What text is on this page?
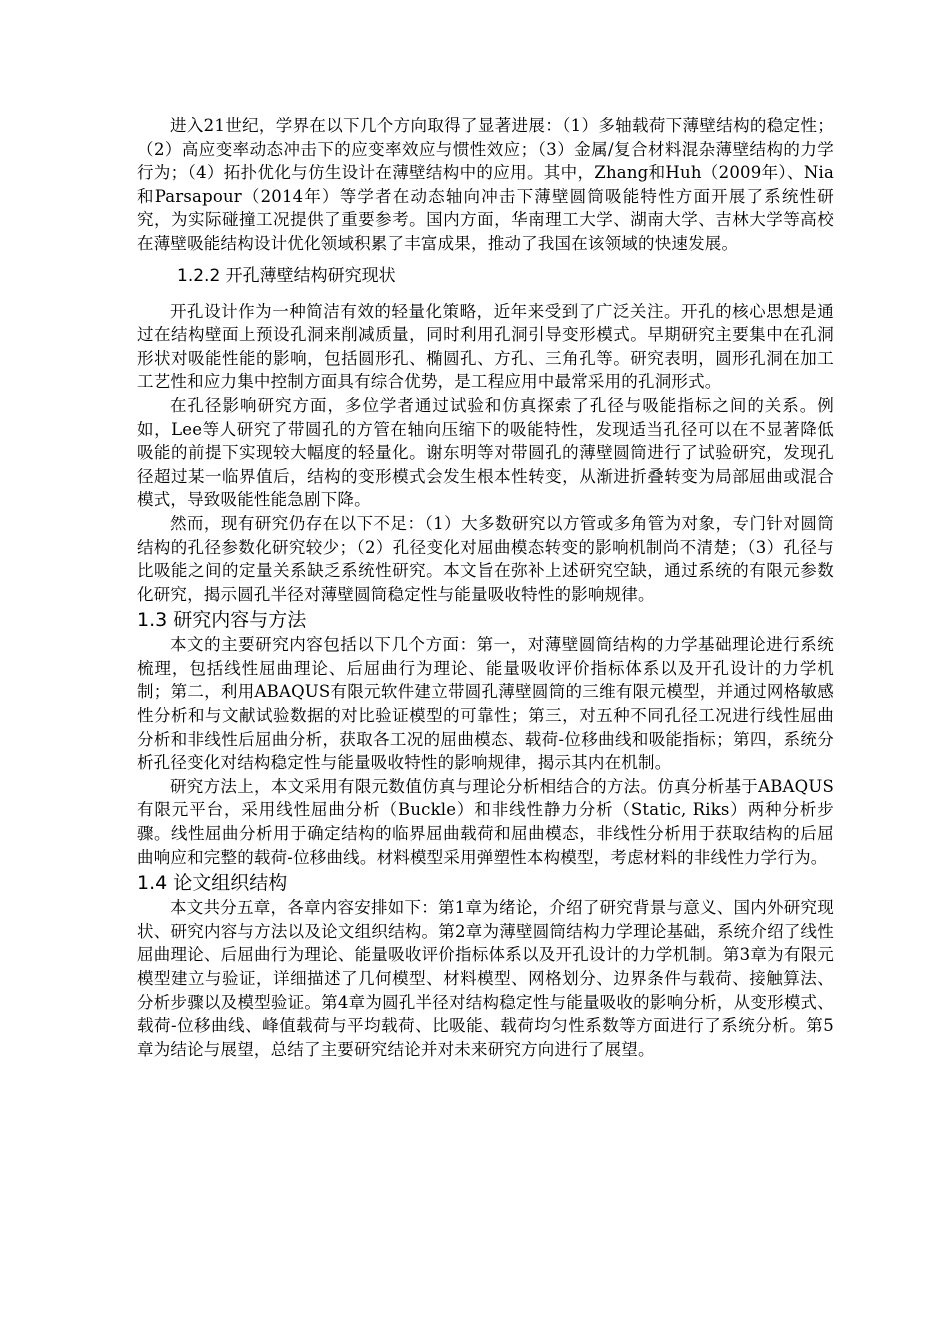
进入21世纪，学界在以下几个方向取得了显著进展：（1）多轴载荷下薄壁结构的稳定性；（2）高应变率动态冲击下的应变率效应与惯性效应；（3）金属/复合材料混杂薄壁结构的力学行为；（4）拓扑优化与仿生设计在薄壁结构中的应用。其中，Zhang和Huh（2009年）、Nia和Parsapour（2014年）等学者在动态轴向冲击下薄壁圆筒吸能特性方面开展了系统性研究，为实际碰撞工况提供了重要参考。国内方面，华南理工大学、湖南大学、吉林大学等高校在薄壁吸能结构设计优化领域积累了丰富成果，推动了我国在该领域的快速发展。

1.2.2 开孔薄壁结构研究现状

开孔设计作为一种简洁有效的轻量化策略，近年来受到了广泛关注。开孔的核心思想是通过在结构壁面上预设孔洞来削减质量，同时利用孔洞引导变形模式。早期研究主要集中在孔洞形状对吸能性能的影响，包括圆形孔、椭圆孔、方孔、三角孔等。研究表明，圆形孔洞在加工工艺性和应力集中控制方面具有综合优势，是工程应用中最常采用的孔洞形式。

在孔径影响研究方面，多位学者通过试验和仿真探索了孔径与吸能指标之间的关系。例如，Lee等人研究了带圆孔的方管在轴向压缩下的吸能特性，发现适当孔径可以在不显著降低吸能的前提下实现较大幅度的轻量化。谢东明等对带圆孔的薄壁圆筒进行了试验研究，发现孔径超过某一临界值后，结构的变形模式会发生根本性转变，从渐进折叠转变为局部屈曲或混合模式，导致吸能性能急剧下降。

然而，现有研究仍存在以下不足：（1）大多数研究以方管或多角管为对象，专门针对圆筒结构的孔径参数化研究较少；（2）孔径变化对屈曲模态转变的影响机制尚不清楚；（3）孔径与比吸能之间的定量关系缺乏系统性研究。本文旨在弥补上述研究空缺，通过系统的有限元参数化研究，揭示圆孔半径对薄壁圆筒稳定性与能量吸收特性的影响规律。

1.3 研究内容与方法

本文的主要研究内容包括以下几个方面：第一，对薄壁圆筒结构的力学基础理论进行系统梳理，包括线性屈曲理论、后屈曲行为理论、能量吸收评价指标体系以及开孔设计的力学机制；第二，利用ABAQUS有限元软件建立带圆孔薄壁圆筒的三维有限元模型，并通过网格敏感性分析和与文献试验数据的对比验证模型的可靠性；第三，对五种不同孔径工况进行线性屈曲分析和非线性后屈曲分析，获取各工况的屈曲模态、载荷-位移曲线和吸能指标；第四，系统分析孔径变化对结构稳定性与能量吸收特性的影响规律，揭示其内在机制。

研究方法上，本文采用有限元数值仿真与理论分析相结合的方法。仿真分析基于ABAQUS有限元平台，采用线性屈曲分析（Buckle）和非线性静力分析（Static, Riks）两种分析步骤。线性屈曲分析用于确定结构的临界屈曲载荷和屈曲模态，非线性分析用于获取结构的后屈曲响应和完整的载荷-位移曲线。材料模型采用弹塑性本构模型，考虑材料的非线性力学行为。

1.4 论文组织结构

本文共分五章，各章内容安排如下：第1章为绪论，介绍了研究背景与意义、国内外研究现状、研究内容与方法以及论文组织结构。第2章为薄壁圆筒结构力学理论基础，系统介绍了线性屈曲理论、后屈曲行为理论、能量吸收评价指标体系以及开孔设计的力学机制。第3章为有限元模型建立与验证，详细描述了几何模型、材料模型、网格划分、边界条件与载荷、接触算法、分析步骤以及模型验证。第4章为圆孔半径对结构稳定性与能量吸收的影响分析，从变形模式、载荷-位移曲线、峰值载荷与平均载荷、比吸能、载荷均匀性系数等方面进行了系统分析。第5章为结论与展望，总结了主要研究结论并对未来研究方向进行了展望。
